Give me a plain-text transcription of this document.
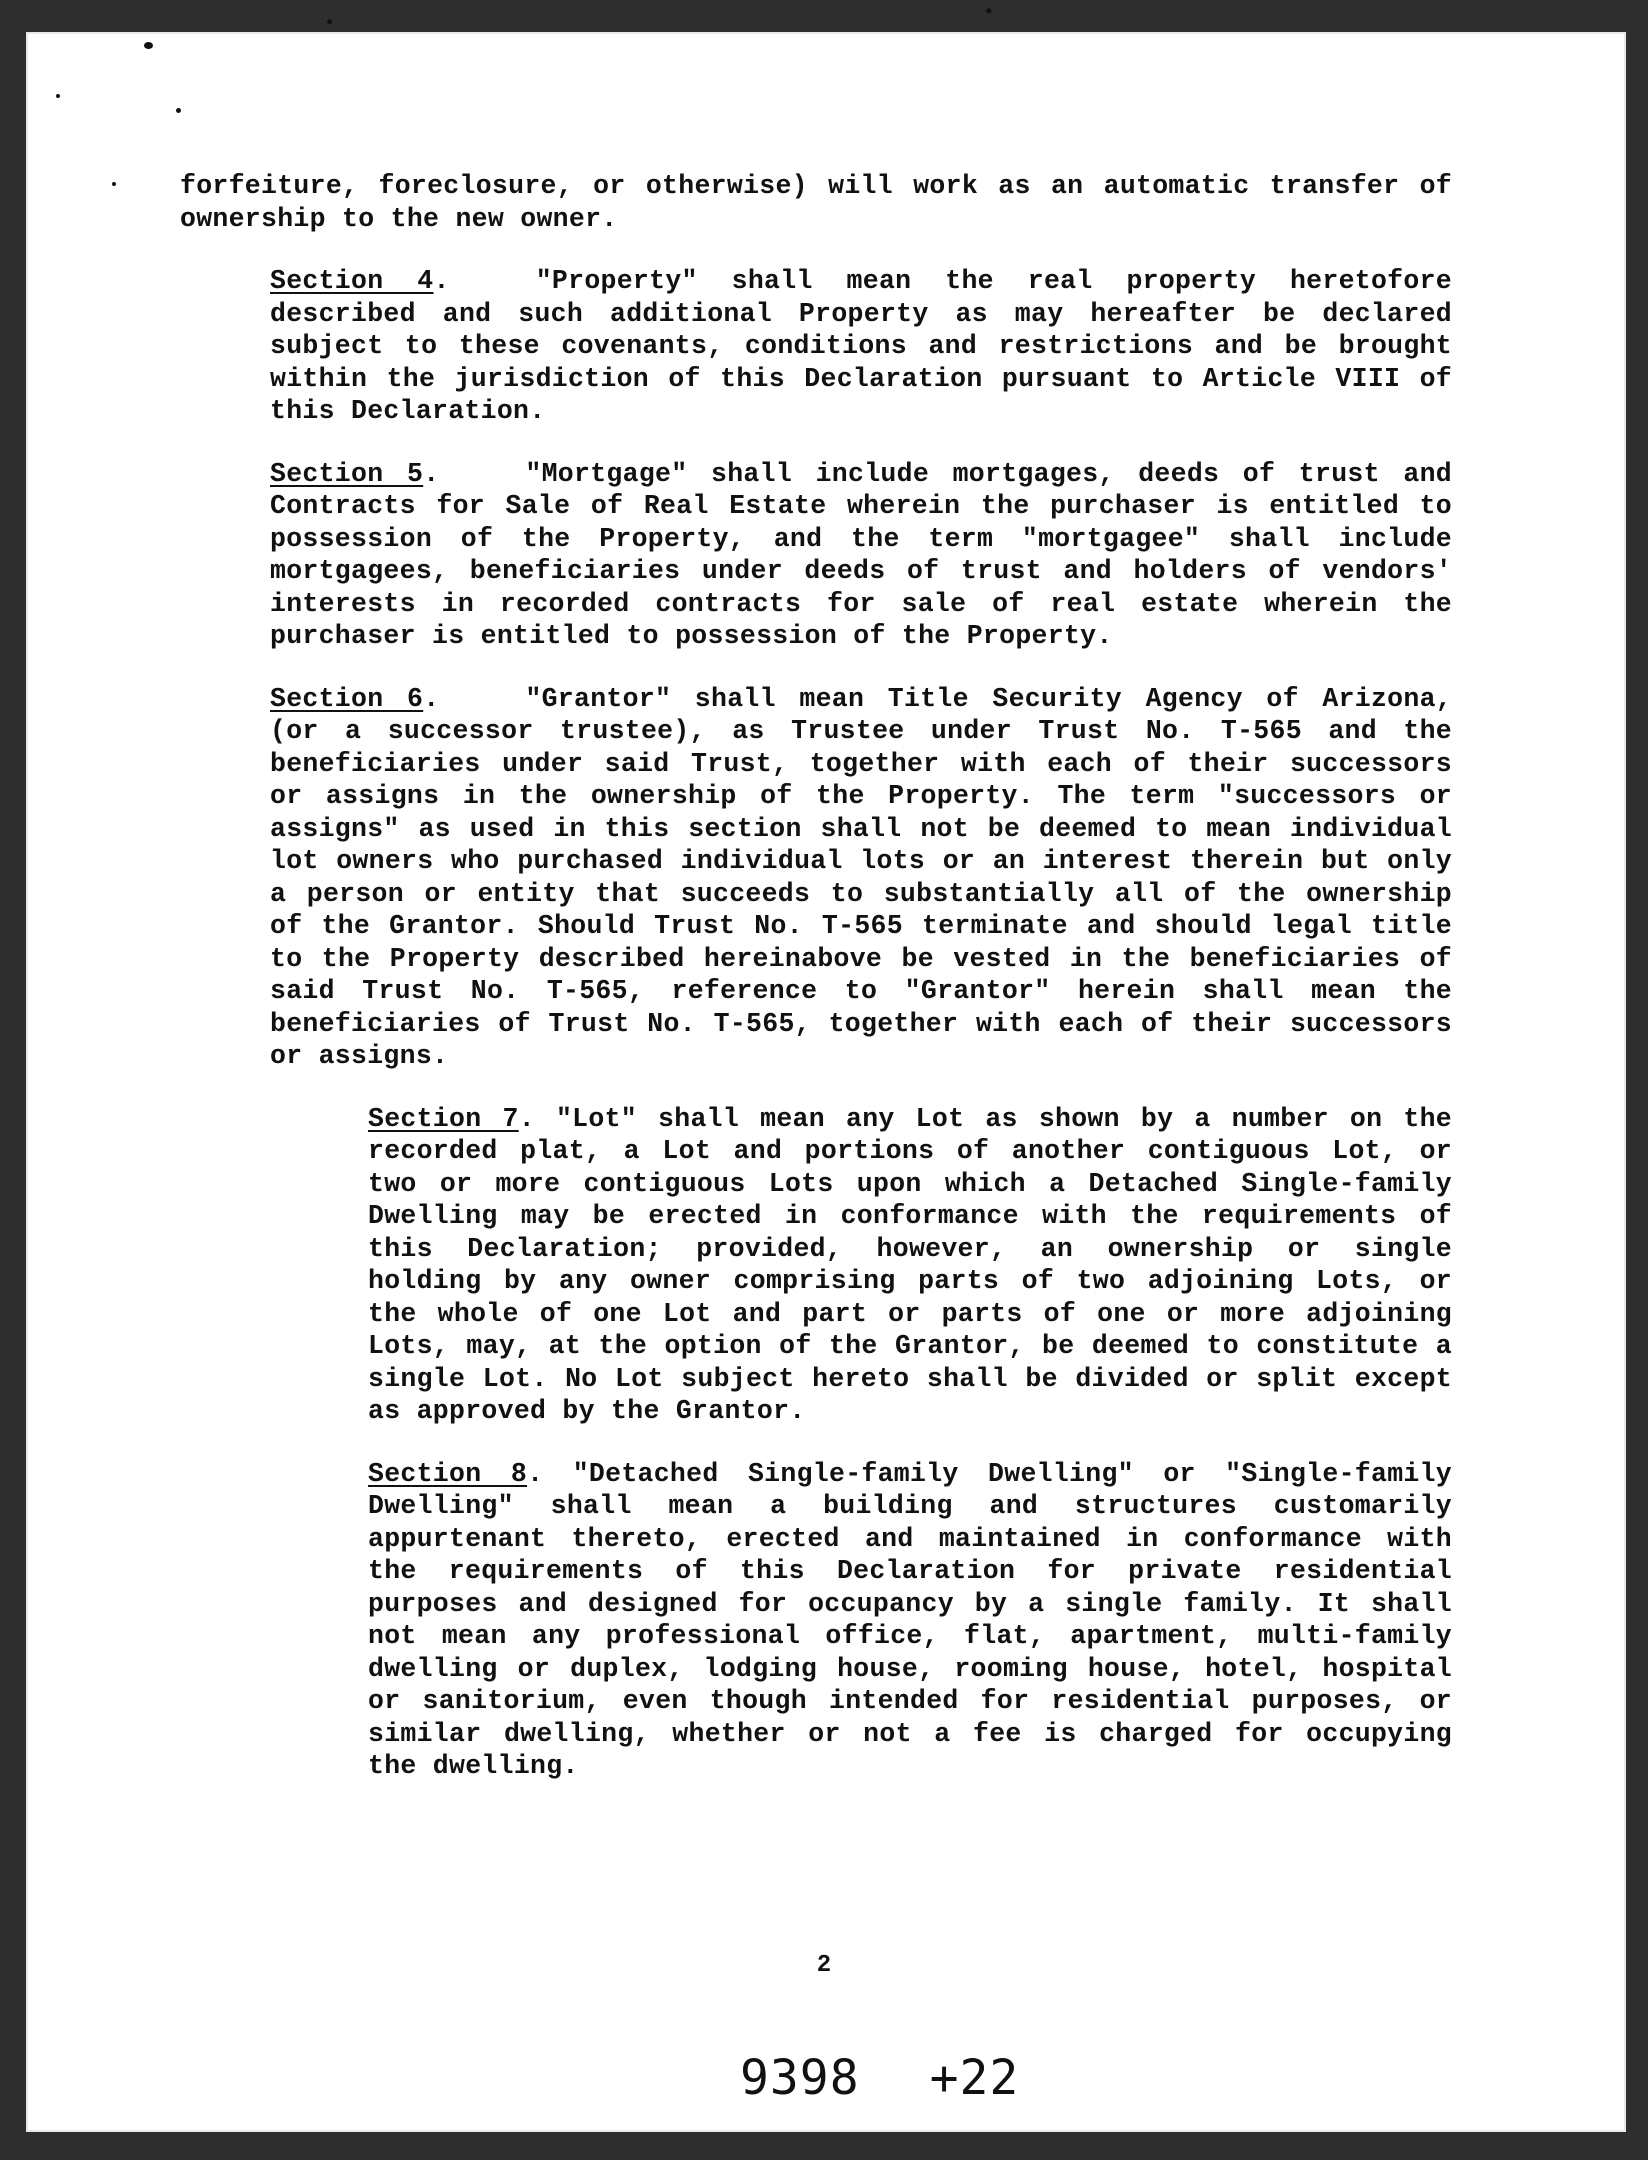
forfeiture, foreclosure, or otherwise) will work as an automatic transfer of ownership to the new owner.

Section 4.	"Property" shall mean the real property heretofore described and such additional Property as may hereafter be declared subject to these covenants, conditions and restrictions and be brought within the jurisdiction of this Declaration pursuant to Article VIII of this Declaration.

Section 5.	"Mortgage" shall include mortgages, deeds of trust and Contracts for Sale of Real Estate wherein the purchaser is entitled to possession of the Property, and the term "mortgagee" shall include mortgagees, beneficiaries under deeds of trust and holders of vendors' interests in recorded contracts for sale of real estate wherein the purchaser is entitled to possession of the Property.

Section 6.	"Grantor" shall mean Title Security Agency of Arizona, (or a successor trustee), as Trustee under Trust No. T-565 and the beneficiaries under said Trust, together with each of their successors or assigns in the ownership of the Property. The term "successors or assigns" as used in this section shall not be deemed to mean individual lot owners who purchased individual lots or an interest therein but only a person or entity that succeeds to substantially all of the ownership of the Grantor. Should Trust No. T-565 terminate and should legal title to the Property described hereinabove be vested in the beneficiaries of said Trust No. T-565, reference to "Grantor" herein shall mean the beneficiaries of Trust No. T-565, together with each of their successors or assigns.

Section 7. "Lot" shall mean any Lot as shown by a number on the recorded plat, a Lot and portions of another contiguous Lot, or two or more contiguous Lots upon which a Detached Single-family Dwelling may be erected in conformance with the requirements of this Declaration; provided, however, an ownership or single holding by any owner comprising parts of two adjoining Lots, or the whole of one Lot and part or parts of one or more adjoining Lots, may, at the option of the Grantor, be deemed to constitute a single Lot. No Lot subject hereto shall be divided or split except as approved by the Grantor.

Section 8. "Detached Single-family Dwelling" or "Single-family Dwelling" shall mean a building and structures customarily appurtenant thereto, erected and maintained in conformance with the requirements of this Declaration for private residential purposes and designed for occupancy by a single family. It shall not mean any professional office, flat, apartment, multi-family dwelling or duplex, lodging house, rooming house, hotel, hospital or sanitorium, even though intended for residential purposes, or similar dwelling, whether or not a fee is charged for occupying the dwelling.

2
9398 +22
